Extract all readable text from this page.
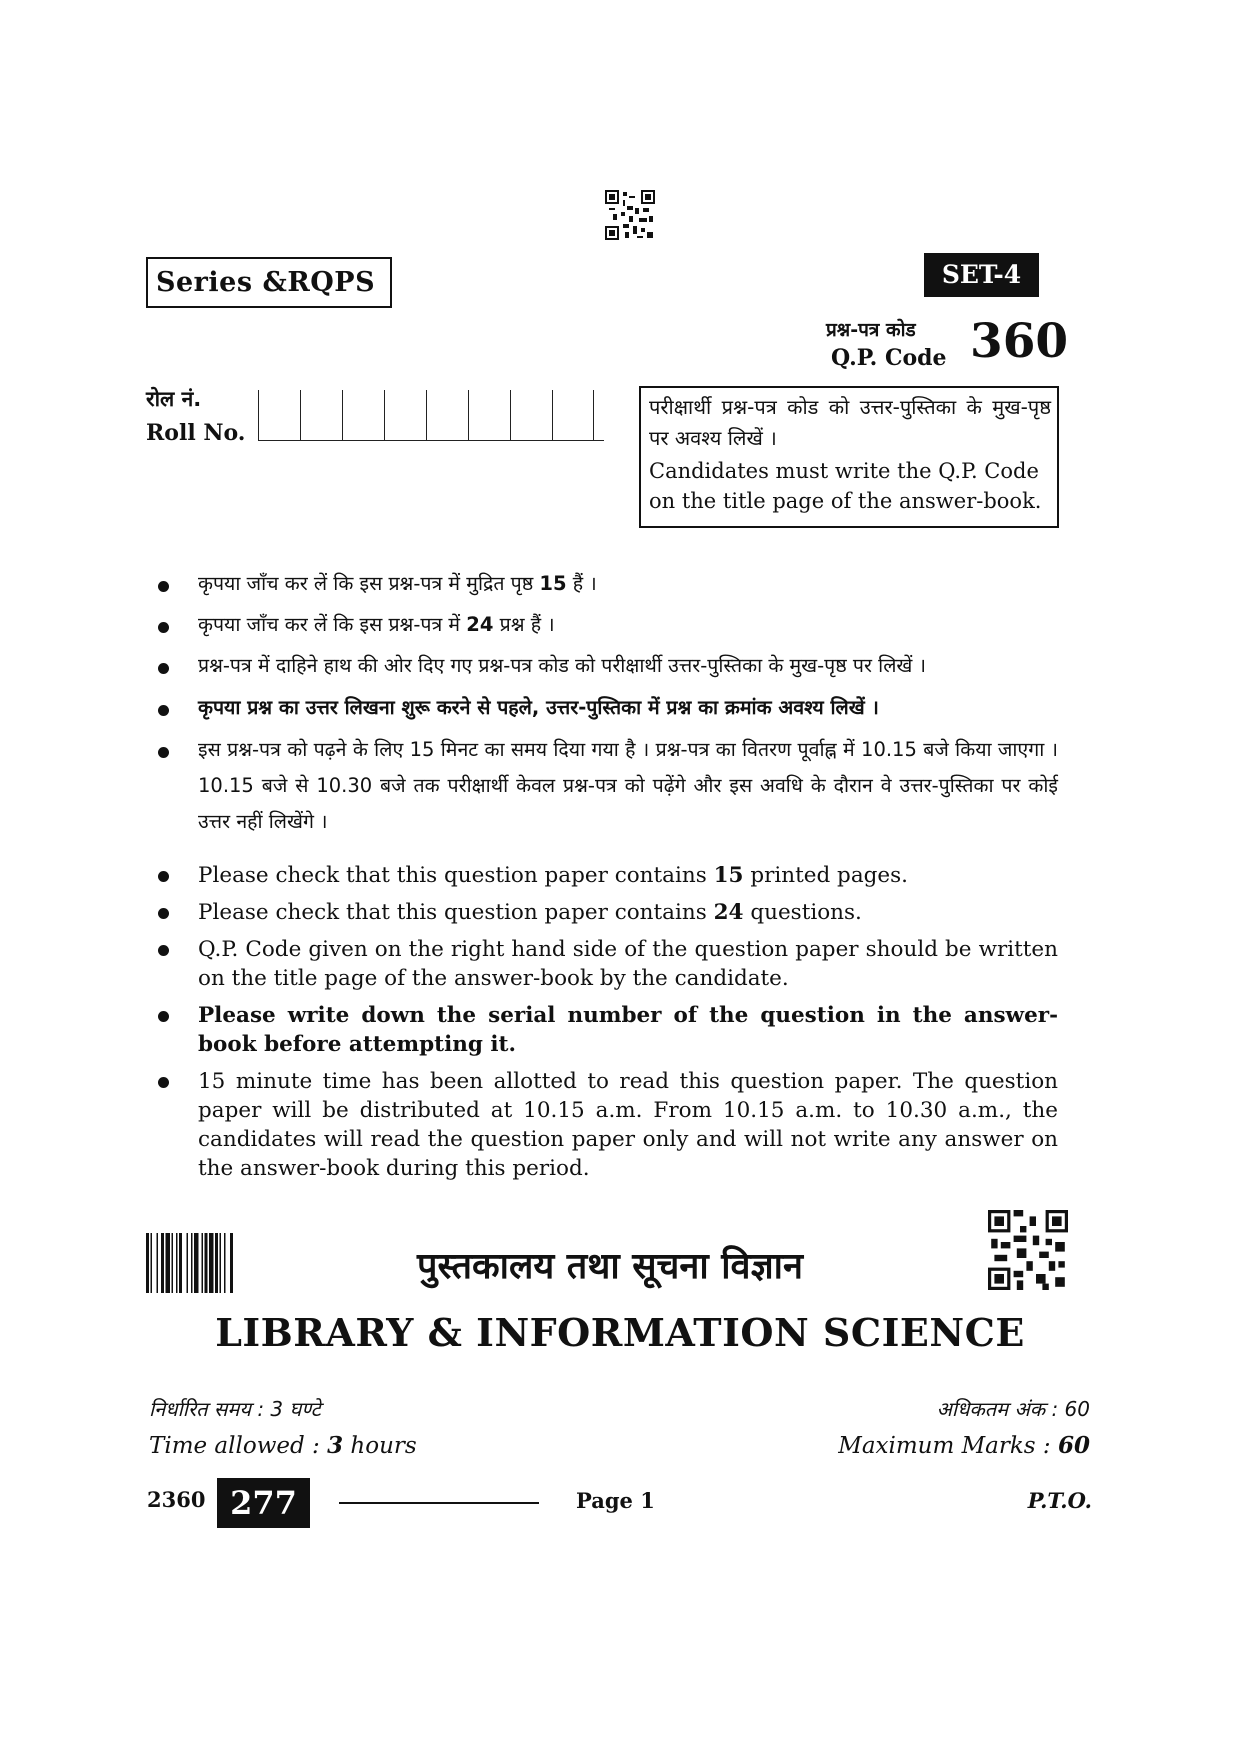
Series &RQPS	SET-4
प्रश्न-पत्र कोड
Q.P. Code 360
रोल नं.
Roll No.
परीक्षार्थी प्रश्न-पत्र कोड को उत्तर-पुस्तिका के मुख-पृष्ठ पर अवश्य लिखें ।
Candidates must write the Q.P. Code on the title page of the answer-book.
कृपया जाँच कर लें कि इस प्रश्न-पत्र में मुद्रित पृष्ठ 15 हैं ।
कृपया जाँच कर लें कि इस प्रश्न-पत्र में 24 प्रश्न हैं ।
प्रश्न-पत्र में दाहिने हाथ की ओर दिए गए प्रश्न-पत्र कोड को परीक्षार्थी उत्तर-पुस्तिका के मुख-पृष्ठ पर लिखें ।
कृपया प्रश्न का उत्तर लिखना शुरू करने से पहले, उत्तर-पुस्तिका में प्रश्न का क्रमांक अवश्य लिखें ।
इस प्रश्न-पत्र को पढ़ने के लिए 15 मिनट का समय दिया गया है । प्रश्न-पत्र का वितरण पूर्वाह्न में 10.15 बजे किया जाएगा । 10.15 बजे से 10.30 बजे तक परीक्षार्थी केवल प्रश्न-पत्र को पढ़ेंगे और इस अवधि के दौरान वे उत्तर-पुस्तिका पर कोई उत्तर नहीं लिखेंगे ।
Please check that this question paper contains 15 printed pages.
Please check that this question paper contains 24 questions.
Q.P. Code given on the right hand side of the question paper should be written on the title page of the answer-book by the candidate.
Please write down the serial number of the question in the answer-book before attempting it.
15 minute time has been allotted to read this question paper. The question paper will be distributed at 10.15 a.m. From 10.15 a.m. to 10.30 a.m., the candidates will read the question paper only and will not write any answer on the answer-book during this period.
पुस्तकालय तथा सूचना विज्ञान
LIBRARY & INFORMATION SCIENCE
निर्धारित समय : 3 घण्टे
Time allowed : 3 hours
अधिकतम अंक : 60
Maximum Marks : 60
2360 277	Page 1	P.T.O.
